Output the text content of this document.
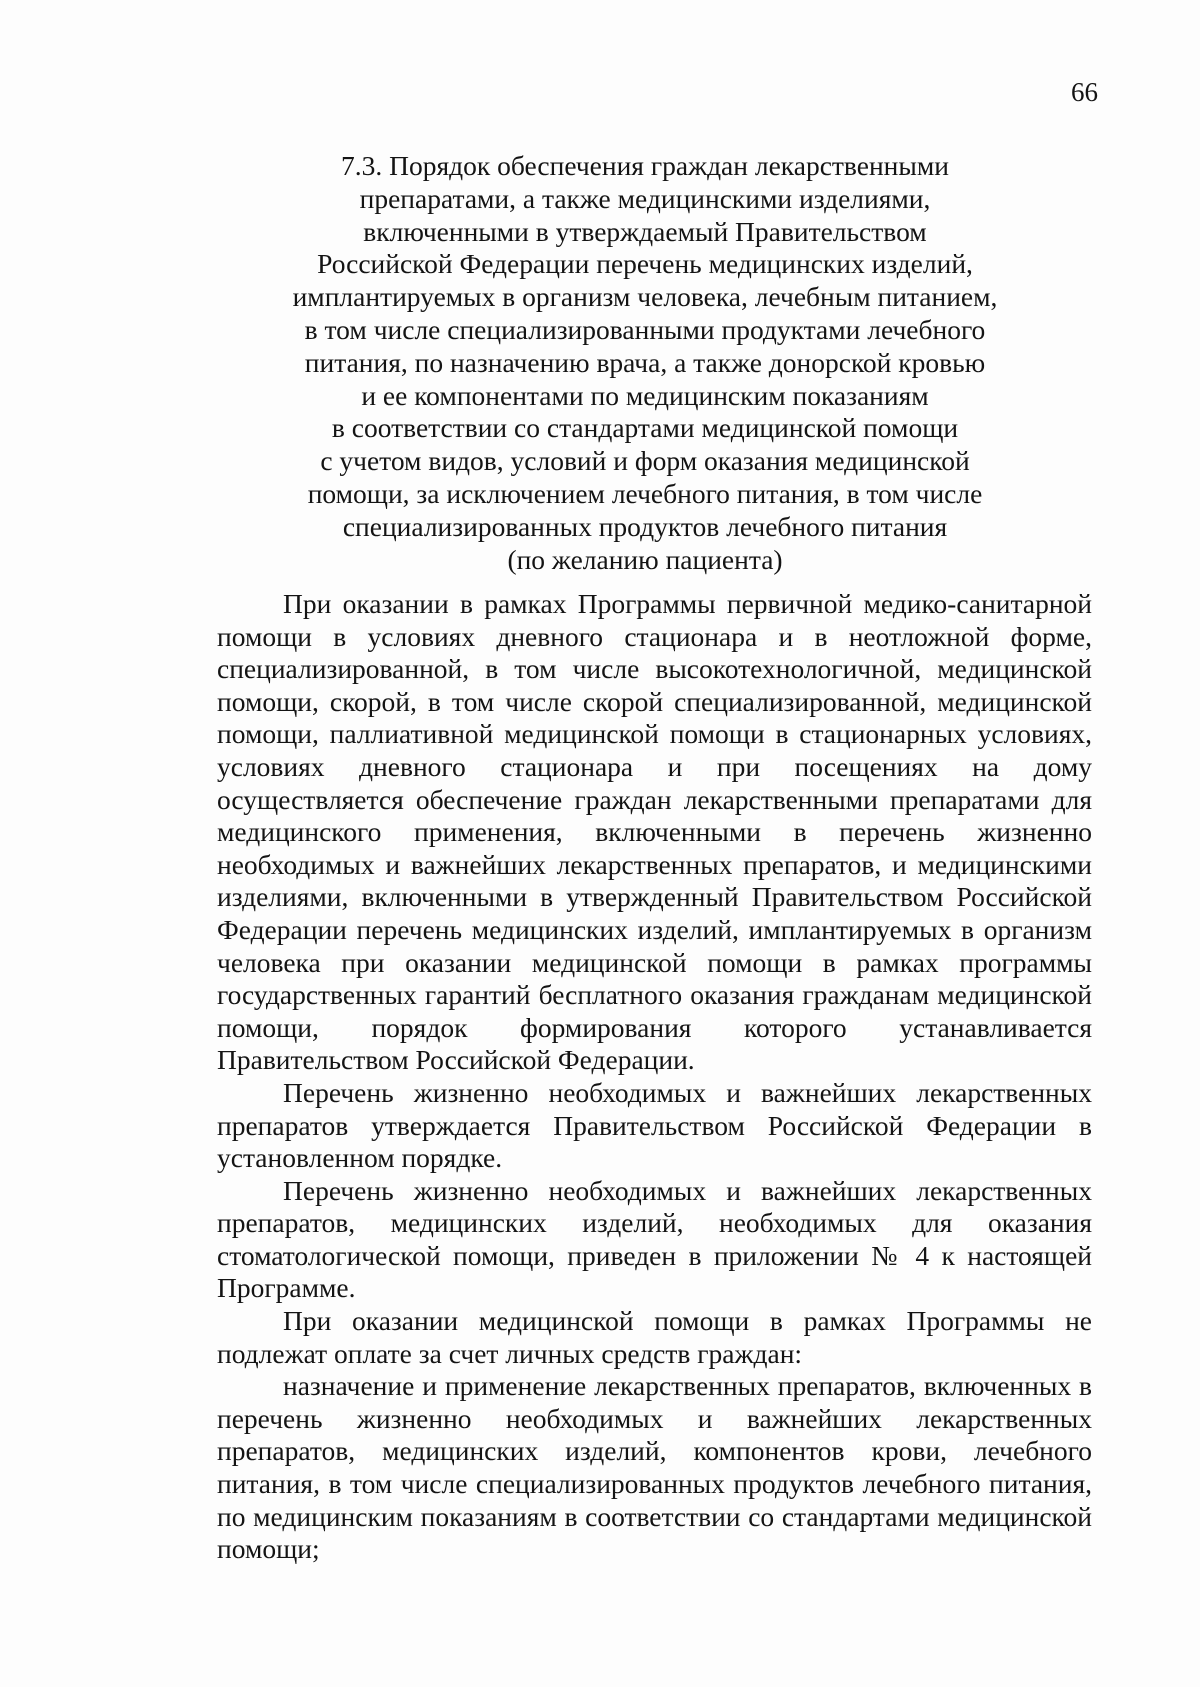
66
7.3. Порядок обеспечения граждан лекарственными
препаратами, а также медицинскими изделиями,
включенными в утверждаемый Правительством
Российской Федерации перечень медицинских изделий,
имплантируемых в организм человека, лечебным питанием,
в том числе специализированными продуктами лечебного
питания, по назначению врача, а также донорской кровью
и ее компонентами по медицинским показаниям
в соответствии со стандартами медицинской помощи
с учетом видов, условий и форм оказания медицинской
помощи, за исключением лечебного питания, в том числе
специализированных продуктов лечебного питания
(по желанию пациента)

При оказании в рамках Программы первичной медико-санитарной помощи в условиях дневного стационара и в неотложной форме, специализированной, в том числе высокотехнологичной, медицинской помощи, скорой, в том числе скорой специализированной, медицинской помощи, паллиативной медицинской помощи в стационарных условиях, условиях дневного стационара и при посещениях на дому осуществляется обеспечение граждан лекарственными препаратами для медицинского применения, включенными в перечень жизненно необходимых и важнейших лекарственных препаратов, и медицинскими изделиями, включенными в утвержденный Правительством Российской Федерации перечень медицинских изделий, имплантируемых в организм человека при оказании медицинской помощи в рамках программы государственных гарантий бесплатного оказания гражданам медицинской помощи, порядок формирования которого устанавливается Правительством Российской Федерации.

Перечень жизненно необходимых и важнейших лекарственных препаратов утверждается Правительством Российской Федерации в установленном порядке.

Перечень жизненно необходимых и важнейших лекарственных препаратов, медицинских изделий, необходимых для оказания стоматологической помощи, приведен в приложении № 4 к настоящей Программе.

При оказании медицинской помощи в рамках Программы не подлежат оплате за счет личных средств граждан:

назначение и применение лекарственных препаратов, включенных в перечень жизненно необходимых и важнейших лекарственных препаратов, медицинских изделий, компонентов крови, лечебного питания, в том числе специализированных продуктов лечебного питания, по медицинским показаниям в соответствии со стандартами медицинской помощи;
